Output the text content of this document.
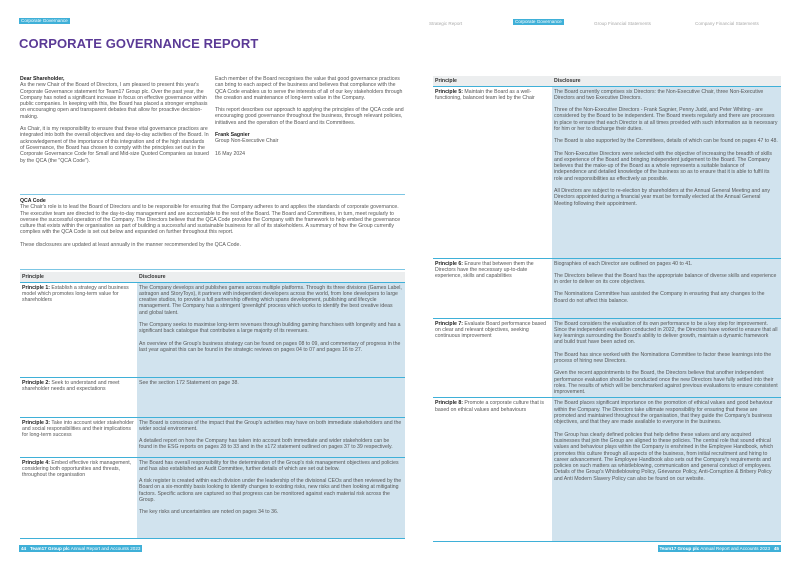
Corporate Governance
Strategic Report	Corporate Governance	Group Financial Statements	Company Financial Statements
CORPORATE GOVERNANCE REPORT
Dear Shareholder,

As the new Chair of the Board of Directors, I am pleased to present this year's Corporate Governance statement for Team17 Group plc. Over the past year, the Company has noted a significant increase in focus on effective governance within public companies. In keeping with this, the Board has placed a stronger emphasis on encouraging open and transparent debates that allow for proactive decision-making.

As Chair, it is my responsibility to ensure that these vital governance practices are integrated into both the overall objectives and day-to-day activities of the Board. In acknowledgement of the importance of this integration and of the high standards of Governance, the Board has chosen to comply with the principles set out in the Corporate Governance Code for Small and Mid-size Quoted Companies as issued by the QCA (the "QCA Code").

Each member of the Board recognises the value that good governance practices can bring to each aspect of the business and believes that compliance with the QCA Code enables us to serve the interests of all of our key stakeholders through the creation and maintenance of long-term value in the Company.

This report describes our approach to applying the principles of the QCA code and encouraging good governance throughout the business, through relevant policies, initiatives and the operation of the Board and its Committees.

Frank Sagnier

Group Non-Executive Chair

16 May 2024
QCA Code

The Chair's role is to lead the Board of Directors and to be responsible for ensuring that the Company adheres to and applies the standards of corporate governance. The executive team are directed to the day-to-day management and are accountable to the rest of the Board. The Board and Committees, in turn, meet regularly to oversee the successful operation of the Company. The Directors believe that the QCA Code provides the Company with the framework to help embed the governance culture that exists within the organisation as part of building a successful and sustainable business for all of its stakeholders. A summary of how the Group currently complies with the QCA Code is set out below and expanded on further throughout this report.

These disclosures are updated at least annually in the manner recommended by the QCA Code.

Principle	Disclosure
Principle 1: Establish a strategy and business model which promotes long-term value for shareholders	The Company develops and publishes games across multiple platforms. Through its three divisions (Games Label, astragon and StoryToys), it partners with independent developers across the world, from lone developers to large creative studios, to provide a full partnership offering which spans development, publishing and lifecycle management. The Company has a stringent 'greenlight' process which works to identify the best creative ideas and global talent.

The Company seeks to maximise long-term revenues through building gaming franchises with longevity and has a significant back catalogue that contributes a large majority of its revenues.

An overview of the Group's business strategy can be found on pages 08 to 09, and commentary of progress in the last year against this can be found in the strategic reviews on pages 04 to 07 and pages 16 to 27.

Principle 2: Seek to understand and meet shareholder needs and expectations	See the section 172 Statement on page 38.

Principle 3: Take into account wider stakeholder and social responsibilities and their implications for long-term success	The Board is conscious of the impact that the Group's activities may have on both immediate stakeholders and the wider social environment.

A detailed report on how the Company has taken into account both immediate and wider stakeholders can be found in the ESG reports on pages 28 to 33 and in the s172 statement outlined on pages 37 to 39 respectively.

Principle 4: Embed effective risk management, considering both opportunities and threats, throughout the organisation	The Board has overall responsibility for the determination of the Group's risk management objectives and policies and has also established an Audit Committee, further details of which are set out below.

A risk register is created within each division under the leadership of the divisional CEOs and then reviewed by the Board on a six-monthly basis looking to identify changes to existing risks, new risks and then looking at mitigating factors. Specific actions are captured so that progress can be monitored against each material risk across the Group.

The key risks and uncertainties are noted on pages 34 to 36.

Principle	Disclosure
Principle 5: Maintain the Board as a well-functioning, balanced team led by the Chair	The Board currently comprises six Directors: the Non-Executive Chair, three Non-Executive Directors and two Executive Directors.

Three of the Non-Executive Directors - Frank Sagnier, Penny Judd, and Peter Whiting - are considered by the Board to be independent. The Board meets regularly and there are processes in place to ensure that each Director is at all times provided with such information as is necessary for him or her to discharge their duties.

The Board is also supported by the Committees, details of which can be found on pages 47 to 48.

The Non-Executive Directors were selected with the objective of increasing the breadth of skills and experience of the Board and bringing independent judgement to the Board. The Company believes that the make-up of the Board as a whole represents a suitable balance of independence and detailed knowledge of the business so as to ensure that it is able to fulfil its role and responsibilities as effectively as possible.

All Directors are subject to re-election by shareholders at the Annual General Meeting and any Directors appointed during a financial year must be formally elected at the Annual General Meeting following their appointment.

Principle 6: Ensure that between them the Directors have the necessary up-to-date experience, skills and capabilities	Biographies of each Director are outlined on pages 40 to 41.

The Directors believe that the Board has the appropriate balance of diverse skills and experience in order to deliver on its core objectives.

The Nominations Committee has assisted the Company in ensuring that any changes to the Board do not affect this balance.

Principle 7: Evaluate Board performance based on clear and relevant objectives, seeking continuous improvement	The Board considers the evaluation of its own performance to be a key step for improvement. Since the independent evaluation conducted in 2022, the Directors have worked to ensure that all key learnings surrounding the Board's ability to deliver growth, maintain a dynamic framework and build trust have been acted on.

The Board has since worked with the Nominations Committee to factor these learnings into the process of hiring new Directors.

Given the recent appointments to the Board, the Directors believe that another independent performance evaluation should be conducted once the new Directors have fully settled into their roles. The results of which will be benchmarked against previous evaluations to ensure consistent improvement.

Principle 8: Promote a corporate culture that is based on ethical values and behaviours	The Board places significant importance on the promotion of ethical values and good behaviour within the Company. The Directors take ultimate responsibility for ensuring that these are promoted and maintained throughout the organisation, that they guide the Company's business objectives, and that they are made available to everyone in the business.

The Group has clearly defined policies that help define these values and any acquired businesses that join the Group are aligned to these policies. The central role that sound ethical values and behaviour plays within the Company is enshrined in the Employee Handbook, which promotes this culture through all aspects of the business, from initial recruitment and hiring to career advancement. The Employee Handbook also sets out the Company's requirements and policies on such matters as whistleblowing, communication and general conduct of employees. Details of the Group's Whistleblowing Policy, Grievance Policy, Anti-Corruption & Bribery Policy and Anti Modern Slavery Policy can also be found on our website.

44 Team17 Group plc Annual Report and Accounts 2023	Team17 Group plc Annual Report and Accounts 2023 45
